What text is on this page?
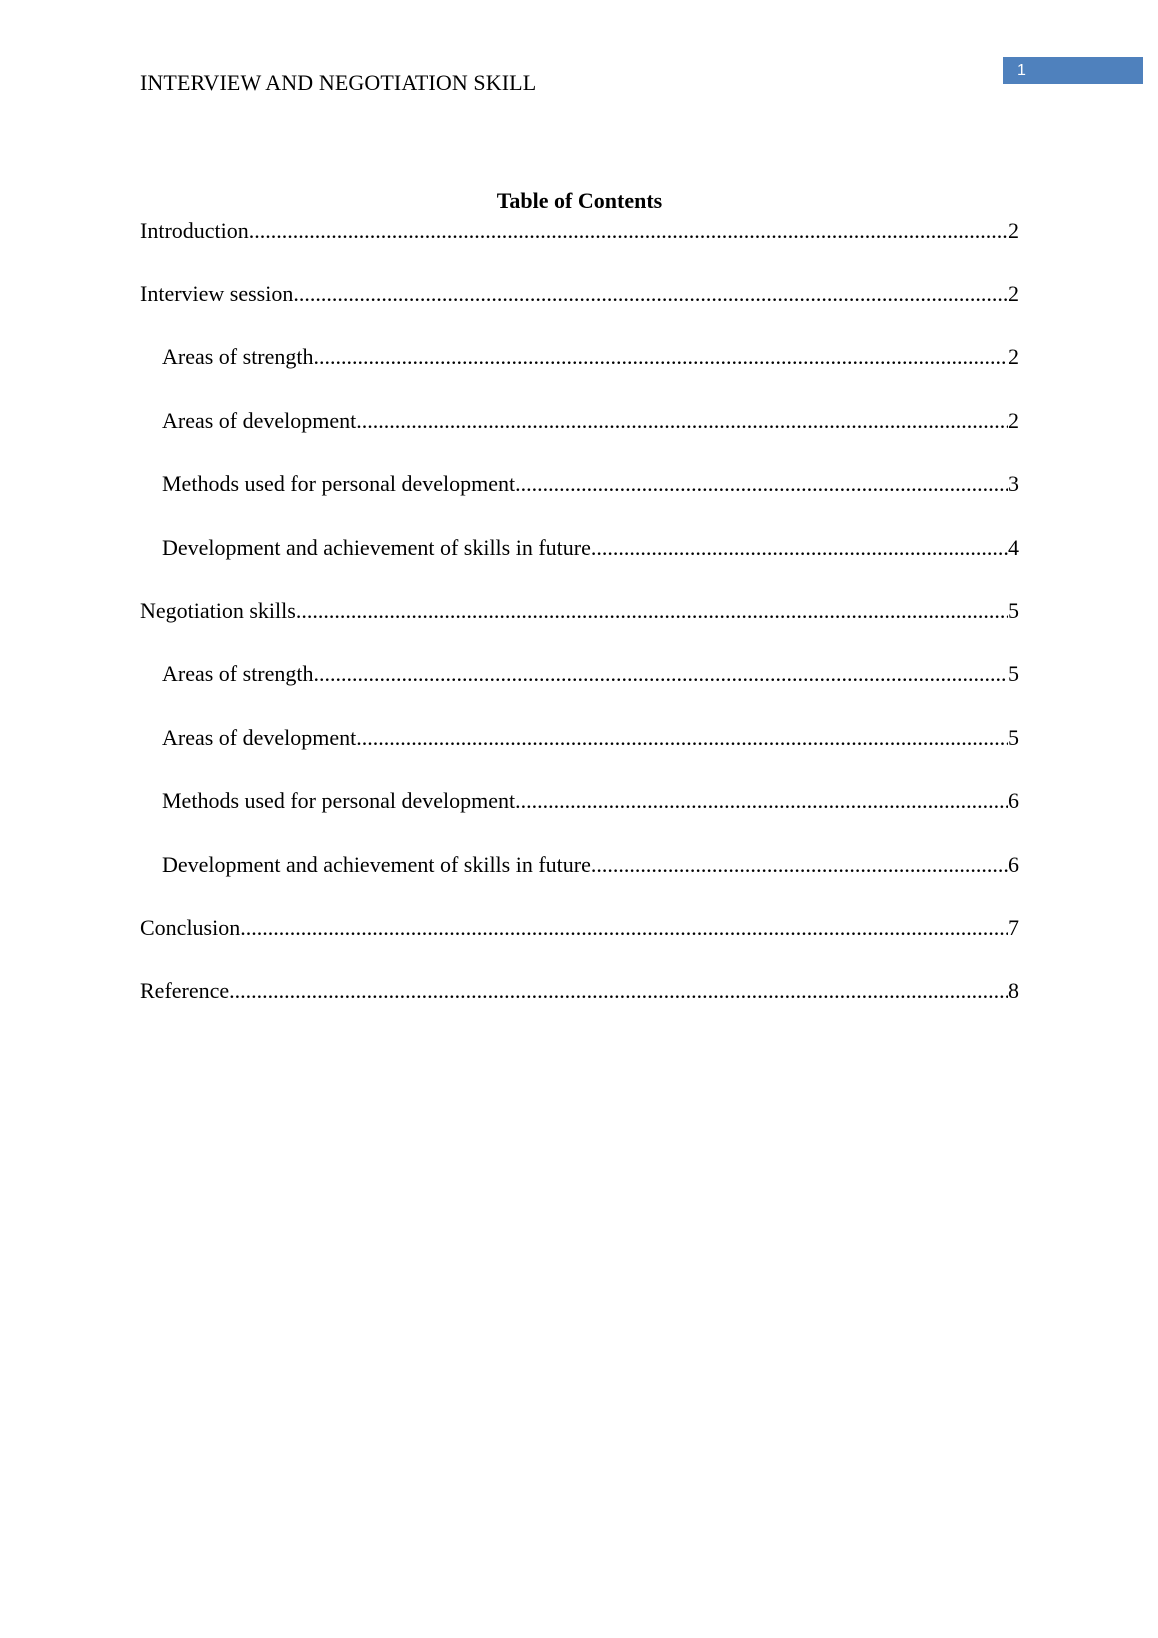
INTERVIEW AND NEGOTIATION SKILL	1
Table of Contents
Introduction .....	2
Interview session .....	2
Areas of strength .....	2
Areas of development .....	2
Methods used for personal development .....	3
Development and achievement of skills in future .....	4
Negotiation skills .....	5
Areas of strength .....	5
Areas of development .....	5
Methods used for personal development .....	6
Development and achievement of skills in future .....	6
Conclusion .....	7
Reference .....	8
